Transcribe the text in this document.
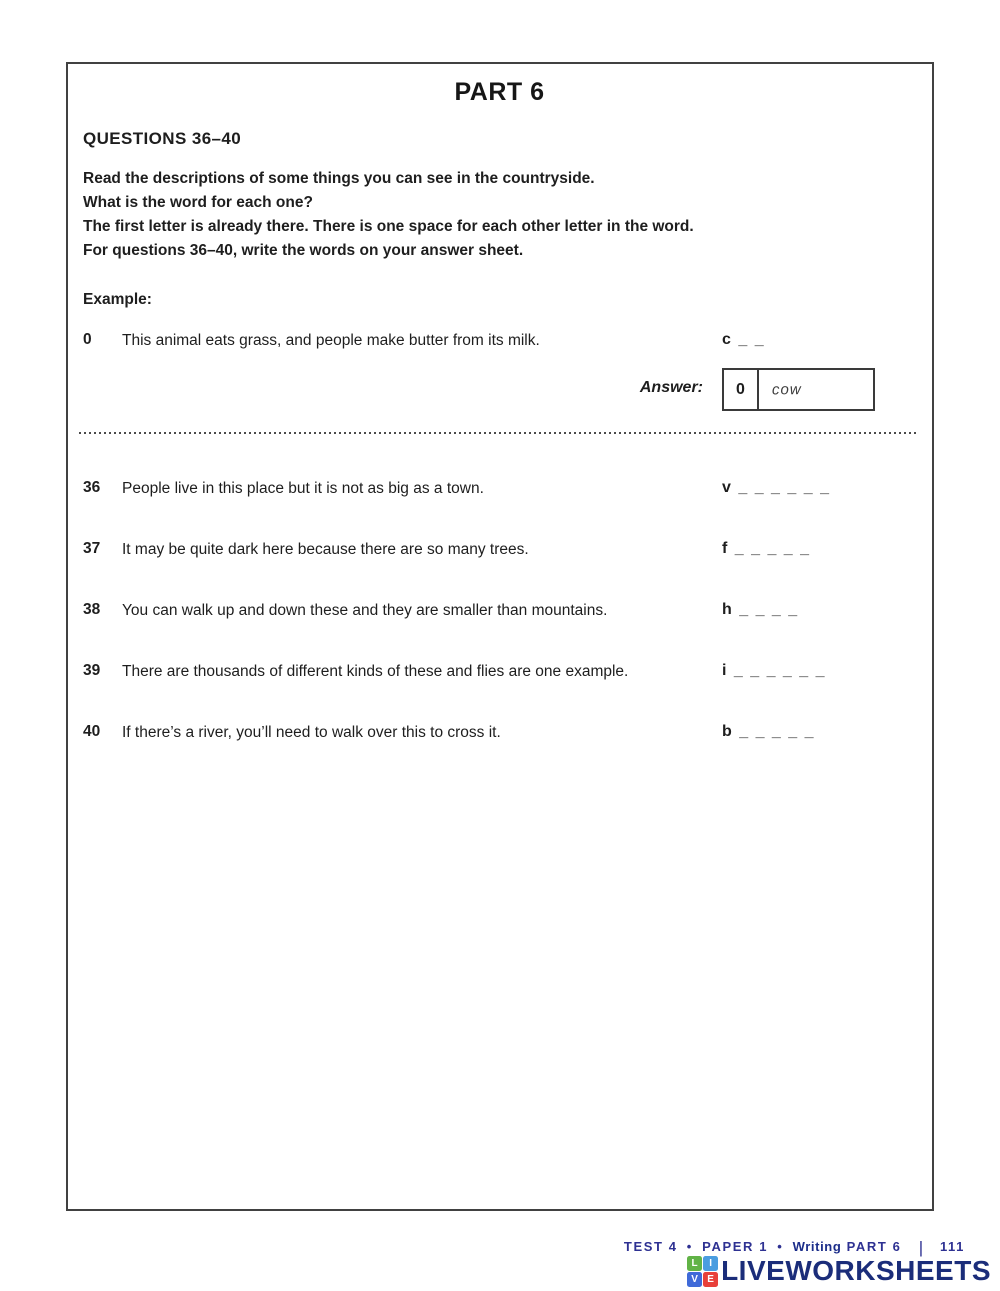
PART 6
QUESTIONS 36–40

Read the descriptions of some things you can see in the countryside.

What is the word for each one?

The first letter is already there. There is one space for each other letter in the word.

For questions 36–40, write the words on your answer sheet.

Example:
0 This animal eats grass, and people make butter from its milk.	c _ _
Answer:	0	cow
36 People live in this place but it is not as big as a town.	v _ _ _ _ _ _
37 It may be quite dark here because there are so many trees.	f _ _ _ _ _
38 You can walk up and down these and they are smaller than mountains.	h _ _ _ _
39 There are thousands of different kinds of these and flies are one example.	i _ _ _ _ _ _
40 If there’s a river, you’ll need to walk over this to cross it.	b _ _ _ _ _
TEST 4 • PAPER 1 • Writing PART 6 | 111
L	I
V E LIVEWORKSHEETS
